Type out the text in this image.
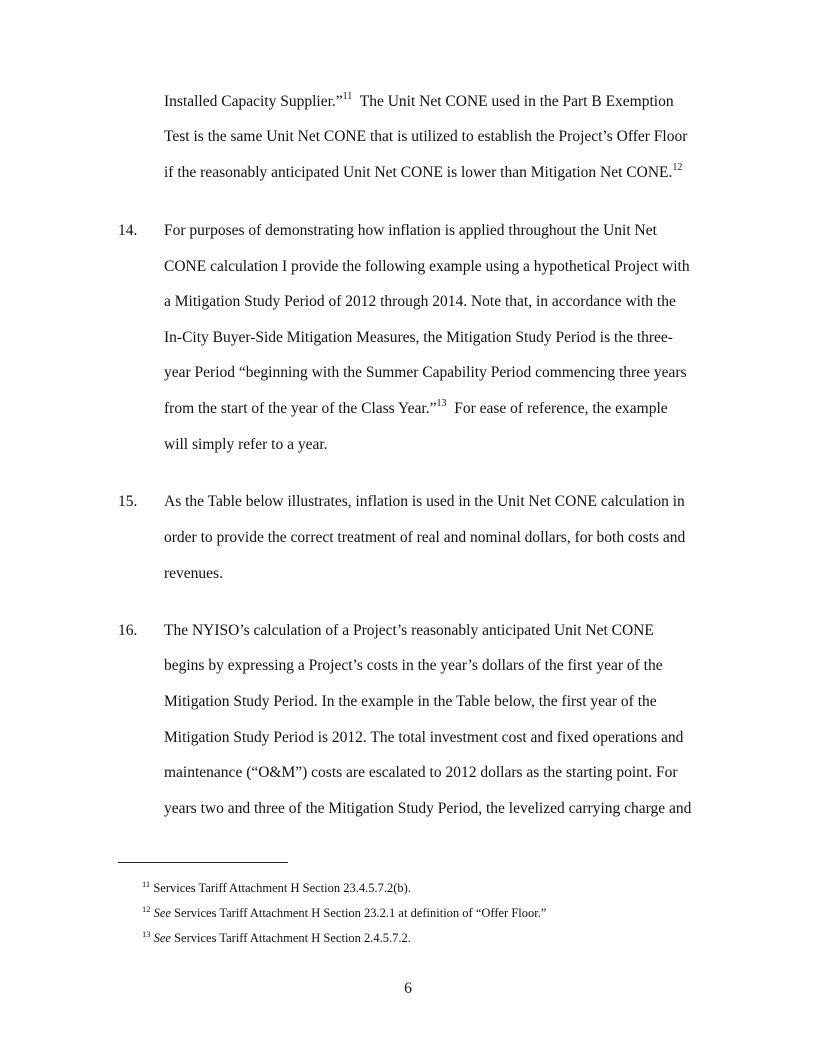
Installed Capacity Supplier.”$^{11}$  The Unit Net CONE used in the Part B Exemption
Test is the same Unit Net CONE that is utilized to establish the Project’s Offer Floor
if the reasonably anticipated Unit Net CONE is lower than Mitigation Net CONE.$^{12}$
14. For purposes of demonstrating how inflation is applied throughout the Unit Net
CONE calculation I provide the following example using a hypothetical Project with
a Mitigation Study Period of 2012 through 2014. Note that, in accordance with the
In-City Buyer-Side Mitigation Measures, the Mitigation Study Period is the three-
year Period “beginning with the Summer Capability Period commencing three years
from the start of the year of the Class Year.”$^{13}$  For ease of reference, the example
will simply refer to a year.
15. As the Table below illustrates, inflation is used in the Unit Net CONE calculation in
order to provide the correct treatment of real and nominal dollars, for both costs and
revenues.
16. The NYISO’s calculation of a Project’s reasonably anticipated Unit Net CONE
begins by expressing a Project’s costs in the year’s dollars of the first year of the
Mitigation Study Period. In the example in the Table below, the first year of the
Mitigation Study Period is 2012. The total investment cost and fixed operations and
maintenance (“O&M”) costs are escalated to 2012 dollars as the starting point. For
years two and three of the Mitigation Study Period, the levelized carrying charge and
$^{11}$ Services Tariff Attachment H Section 23.4.5.7.2(b).
$^{12}$ See Services Tariff Attachment H Section 23.2.1 at definition of “Offer Floor.”
$^{13}$ See Services Tariff Attachment H Section 2.4.5.7.2.
6
